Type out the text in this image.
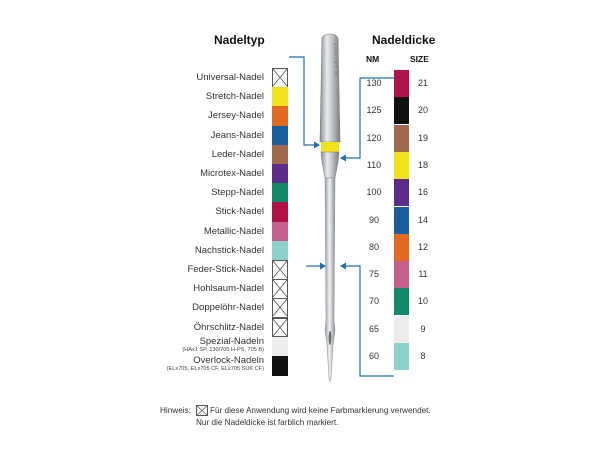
Nadeltyp	Nadeldicke
NM	SIZE
Universal-Nadel
Stretch-Nadel
Jersey-Nadel
Jeans-Nadel
Leder-Nadel
Microtex-Nadel
Stepp-Nadel
Stick-Nadel
Metallic-Nadel
Nachstick-Nadel
Feder-Stick-Nadel
Hohlsaum-Nadel
Doppelöhr-Nadel
Öhrschlitz-Nadel
Spezial-Nadeln
(HAx1 SP, 130/705 H-PS, 705 B)
Overlock-Nadeln
(ELx705, ELx705 CF, ELx705 SUK CF)
130	21
125	20
120	19
110	18
100	16
90	14
80	12
75	11
70	10
65	9
60	8
130/705 H
Hinweis: Für diese Anwendung wird keine Farbmarkierung verwendet.
Nur die Nadeldicke ist farblich markiert.
